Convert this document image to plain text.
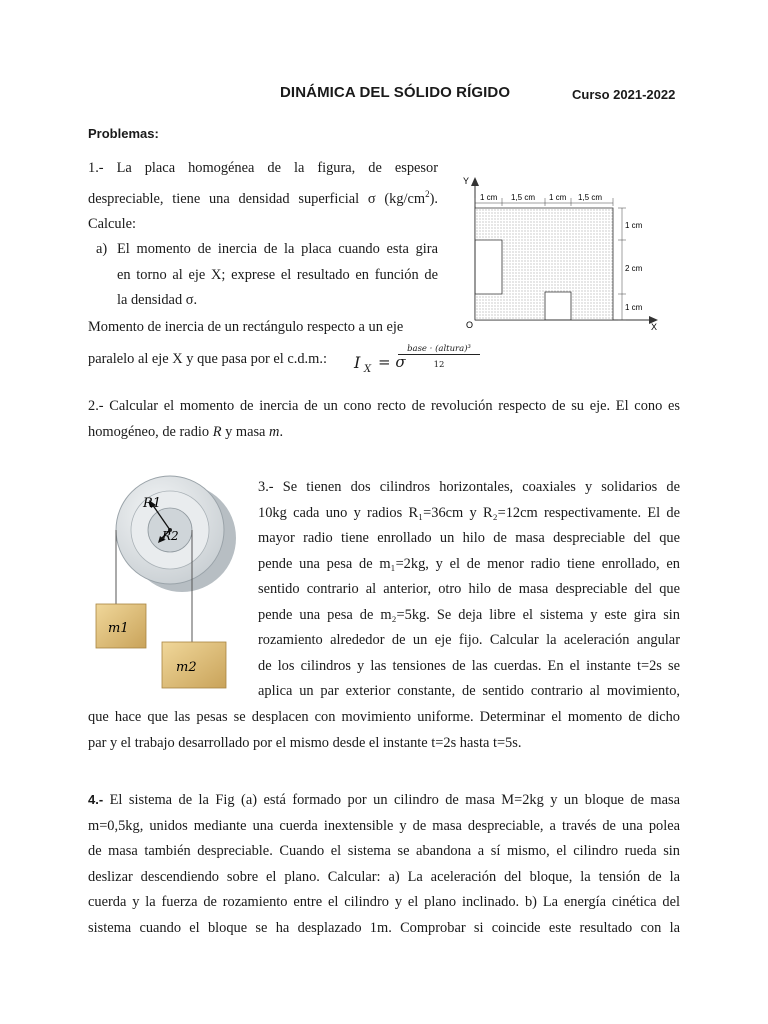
DINÁMICA DEL SÓLIDO RÍGIDO	Curso 2021-2022
Problemas:
1.- La placa homogénea de la figura, de espesor
despreciable, tiene una densidad superficial σ $(kg/cm^2)$.
Calcule:
a) El momento de inercia de la placa cuando esta gira
en torno al eje X; exprese el resultado en función de
la densidad σ.
Momento de inercia de un rectángulo respecto a un eje
paralelo al eje X y que pasa por el c.d.m.:	I X = σ
base · (altura)³
12
Y
X
O
1 cm 1,5 cm 1 cm 1,5 cm
1 cm
2 cm
1 cm
2.- Calcular el momento de inercia de un cono recto de revolución respecto de su eje. El cono es
homogéneo, de radio R y masa m.
R1
R2
m1
m2
3.- Se tienen dos cilindros horizontales, coaxiales y solidarios de
10kg cada uno y radios R₁=36cm y R₂=12cm respectivamente. El de
mayor radio tiene enrollado un hilo de masa despreciable del que
pende una pesa de m₁=2kg, y el de menor radio tiene enrollado, en
sentido contrario al anterior, otro hilo de masa despreciable del que
pende una pesa de m₂=5kg. Se deja libre el sistema y este gira sin
rozamiento alrededor de un eje fijo. Calcular la aceleración angular
de los cilindros y las tensiones de las cuerdas. En el instante t=2s se
aplica un par exterior constante, de sentido contrario al movimiento,
que hace que las pesas se desplacen con movimiento uniforme. Determinar el momento de dicho
par y el trabajo desarrollado por el mismo desde el instante t=2s hasta t=5s.
4.- El sistema de la Fig (a) está formado por un cilindro de masa M=2kg y un bloque de masa
m=0,5kg, unidos mediante una cuerda inextensible y de masa despreciable, a través de una polea
de masa también despreciable. Cuando el sistema se abandona a sí mismo, el cilindro rueda sin
deslizar descendiendo sobre el plano. Calcular: a) La aceleración del bloque, la tensión de la
cuerda y la fuerza de rozamiento entre el cilindro y el plano inclinado. b) La energía cinética del
sistema cuando el bloque se ha desplazado 1m. Comprobar si coincide este resultado con la
